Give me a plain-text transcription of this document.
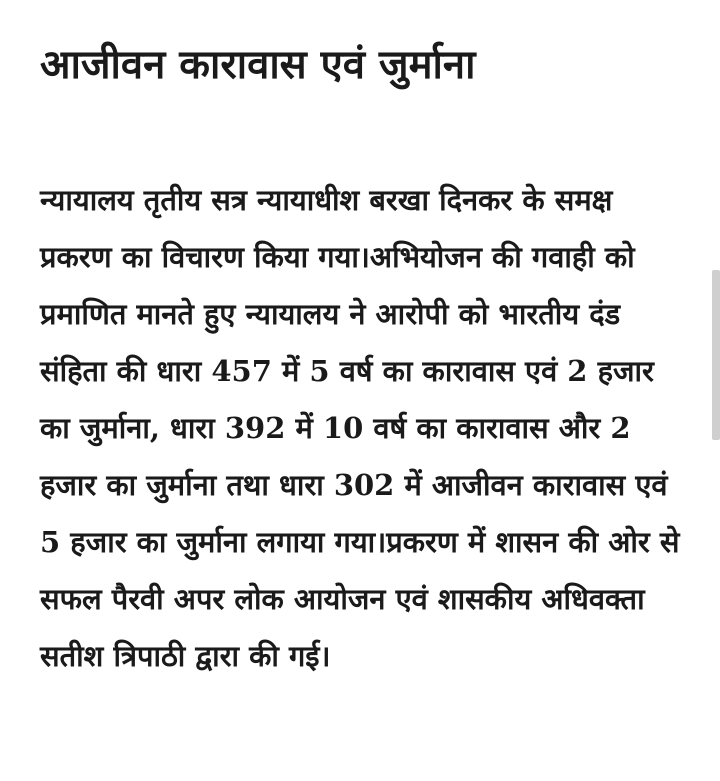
आजीवन कारावास एवं जुर्माना

न्यायालय तृतीय सत्र न्यायाधीश बरखा दिनकर के समक्ष प्रकरण का विचारण किया गया।अभियोजन की गवाही को प्रमाणित मानते हुए न्यायालय ने आरोपी को भारतीय दंड संहिता की धारा 457 में 5 वर्ष का कारावास एवं 2 हजार का जुर्माना, धारा 392 में 10 वर्ष का कारावास और 2 हजार का जुर्माना तथा धारा 302 में आजीवन कारावास एवं 5 हजार का जुर्माना लगाया गया।प्रकरण में शासन की ओर से सफल पैरवी अपर लोक आयोजन एवं शासकीय अधिवक्ता सतीश त्रिपाठी द्वारा की गई।
